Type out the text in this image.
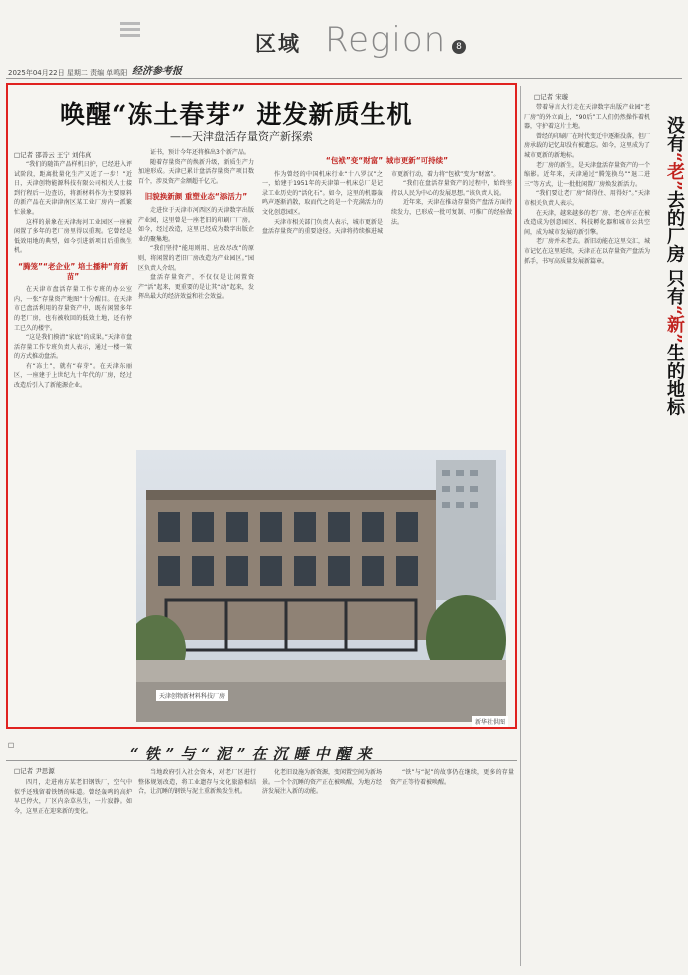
经济参考报
2025年04月22日 星期二 责编 单鸣阳
区域 Region	8
唤醒“冻土春芽” 进发新质生机
——天津盘活存量资产新探索
□记者 邵善云 王宁 刘伟真

“我们的随笛产品样机日护，已经进入评试阶段，距离批量化生产又近了一步！”近日，天津创物能源科技有限公司相关人士接到行程后一边查访，将新材料作为主要原料的新产品在天津津南区某工业厂房内一派繁忙景象。

这样的景象在天津海河工业园区一座被闲置了多年的老厂房里得以重现。它曾经是低效用地的典型，如今引进新项目后重焕生机。

“腾笼”“老企业” 培土播种“育新苗”

在天津市盘活存量工作专班的办公室内，一张“存量资产地图”十分醒目。在天津市已盘活利用的存量资产中，既有闲置多年的老厂房，也有被收回的低效土地，还有停工已久的楼宇。

“这是我们摸清“家底”的成果。”天津市盘活存量工作专班负责人表示，通过一楼一策的方式推动盘活。

有“冻土”，就有“春芽”。在天津东丽区，一座建于上世纪九十年代的厂房，经过改造后引入了新能源企业。

证书，预计今年还将推出3个新产品。

随着存量资产的焕新升级，新质生产力加速形成。天津已累计盘活存量资产项目数百个，涉及资产金额超千亿元。

旧貌换新颜 重塑业态“添活力”

走进位于天津市河西区的天津数字出版产业园，这里曾是一座老旧的印刷厂厂房。如今，经过改造，这里已经成为数字出版企业的聚集地。

“我们坚持“能用则用、应改尽改”的原则，将闲置的老旧厂房改造为产业园区。”园区负责人介绍。

盘活存量资产，不仅仅是让闲置资产“活”起来，更重要的是让其“动”起来，发挥出最大的经济效益和社会效益。

“包袱”变“财富” 城市更新“可持续”

作为曾经的中国机床行业“十八罗汉”之一，始建于1951年的天津第一机床总厂是记录工业历史的“活化石”。如今，这里的机器轰鸣声逐渐消散，取而代之的是一个充满活力的文化创意园区。

天津市相关部门负责人表示，城市更新是盘活存量资产的重要途径。天津将持续推进城市更新行动，着力将“包袱”变为“财富”。

“我们在盘活存量资产的过程中，始终坚持以人民为中心的发展思想。”该负责人说。

近年来，天津在推动存量资产盘活方面持续发力，已形成一批可复制、可推广的经验做法。

天津创物新材料科技厂房
新华社供图
□记者 宋璇
没有“老”去的厂房 只有“新”生的地标

带着导言大行走在天津数字出版产业园“老厂房”的外立面上，“90后”工人们仍然操作着机器，守护着这片土地。

曾经的印刷厂在时代变迁中逐渐没落，但厂房承载的记忆却没有被遗忘。如今，这里成为了城市更新的新地标。

老厂房的新生，是天津盘活存量资产的一个缩影。近年来，天津通过“腾笼换鸟”“退二进三”等方式，让一批批闲置厂房焕发新活力。

“我们要让老厂房“留得住、用得好”。”天津市相关负责人表示。

在天津，越来越多的老厂房、老仓库正在被改造成为创意园区、科技孵化器和城市公共空间，成为城市发展的新引擎。

老厂房并未老去。新旧动能在这里交汇，城市记忆在这里延续，天津正在以存量资产盘活为抓手，书写高质量发展新篇章。

□	“铁”与“泥”在沉睡中醒来
□记者 尹思源

四月，走进南方某老旧钢铁厂，空气中似乎还残留着铁锈的味道。曾经轰鸣的高炉早已停火，厂区内杂草丛生，一片寂静。如今，这里正在迎来新的变化。

当地政府引入社会资本，对老厂区进行整体规划改造，将工业遗存与文化旅游相结合，让沉睡的钢铁与泥土重新焕发生机。

化老旧设施为新资源，变闲置空间为新场景。一个个沉睡的资产正在被唤醒，为地方经济发展注入新的动能。

“铁”与“泥”的故事仍在继续，更多的存量资产正等待着被唤醒。
